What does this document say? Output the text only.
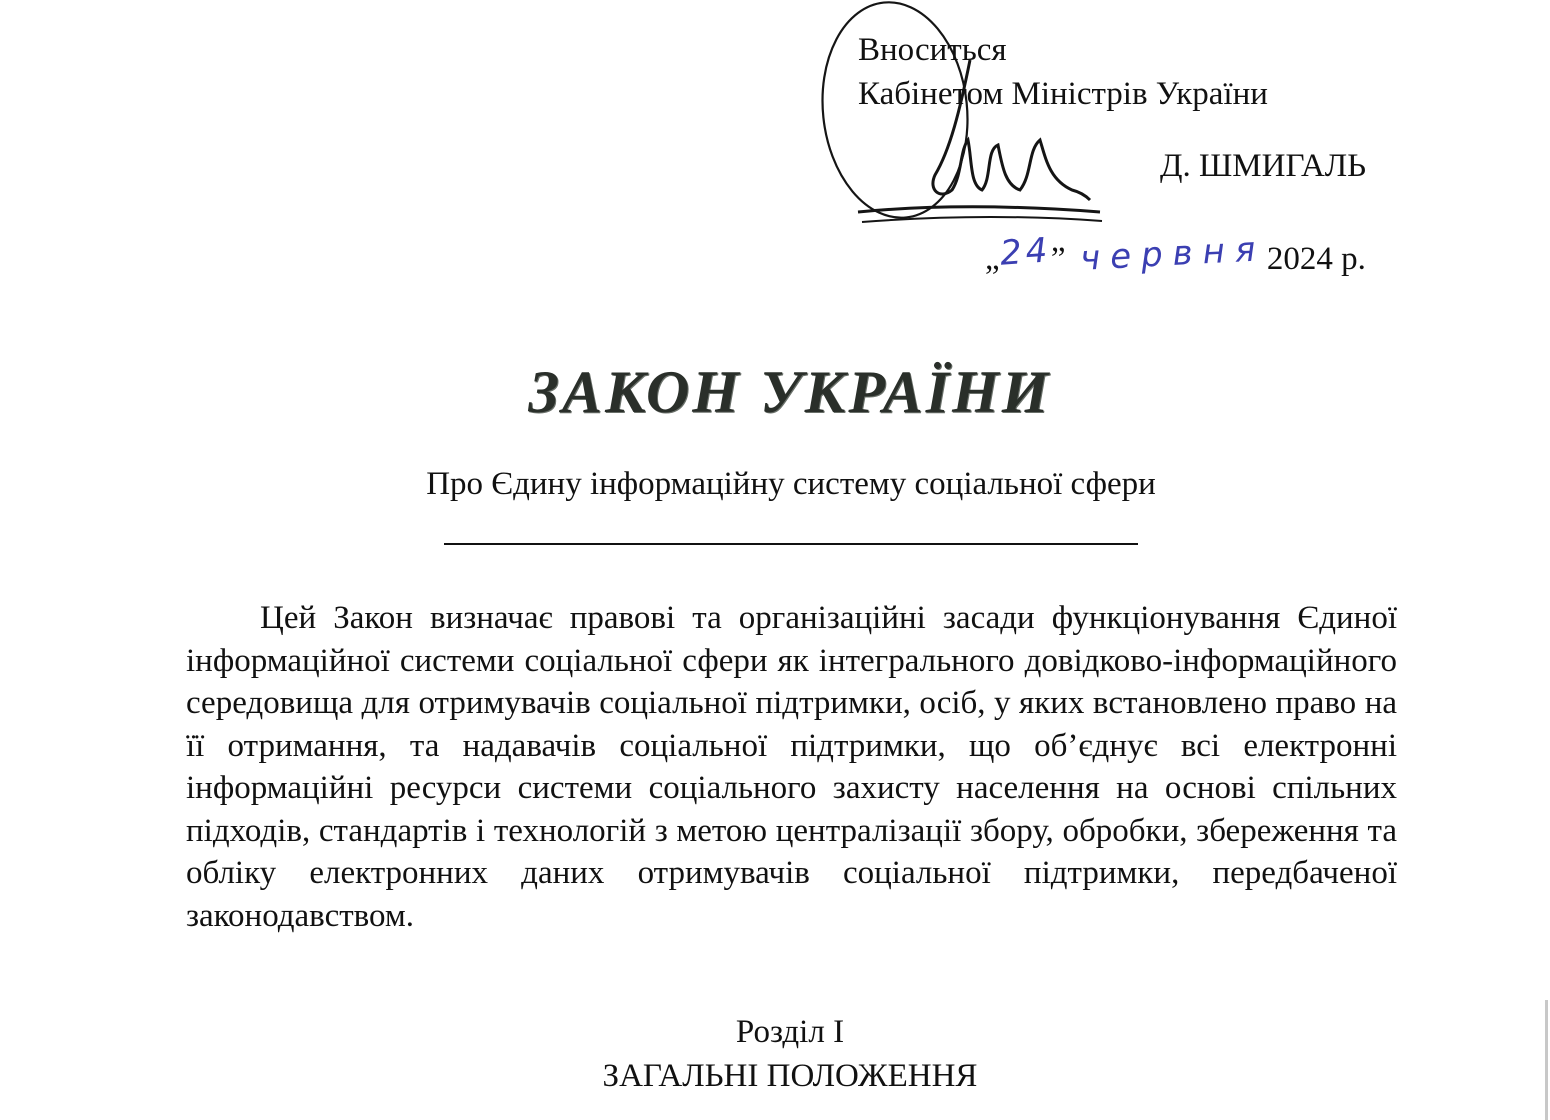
Вноситься
Кабінетом Міністрів України
Д. ШМИГАЛЬ
„24” червня2024 р.
ЗАКОН УКРАЇНИ
Про Єдину інформаційну систему соціальної сфери

Цей Закон визначає правові та організаційні засади функціонування Єдиної інформаційної системи соціальної сфери як інтегрального довідково-інформаційного середовища для отримувачів соціальної підтримки, осіб, у яких встановлено право на її отримання, та надавачів соціальної підтримки, що об’єднує всі електронні інформаційні ресурси системи соціального захисту населення на основі спільних підходів, стандартів і технологій з метою централізації збору, обробки, збереження та обліку електронних даних отримувачів соціальної підтримки, передбаченої законодавством.

Розділ І
ЗАГАЛЬНІ ПОЛОЖЕННЯ
